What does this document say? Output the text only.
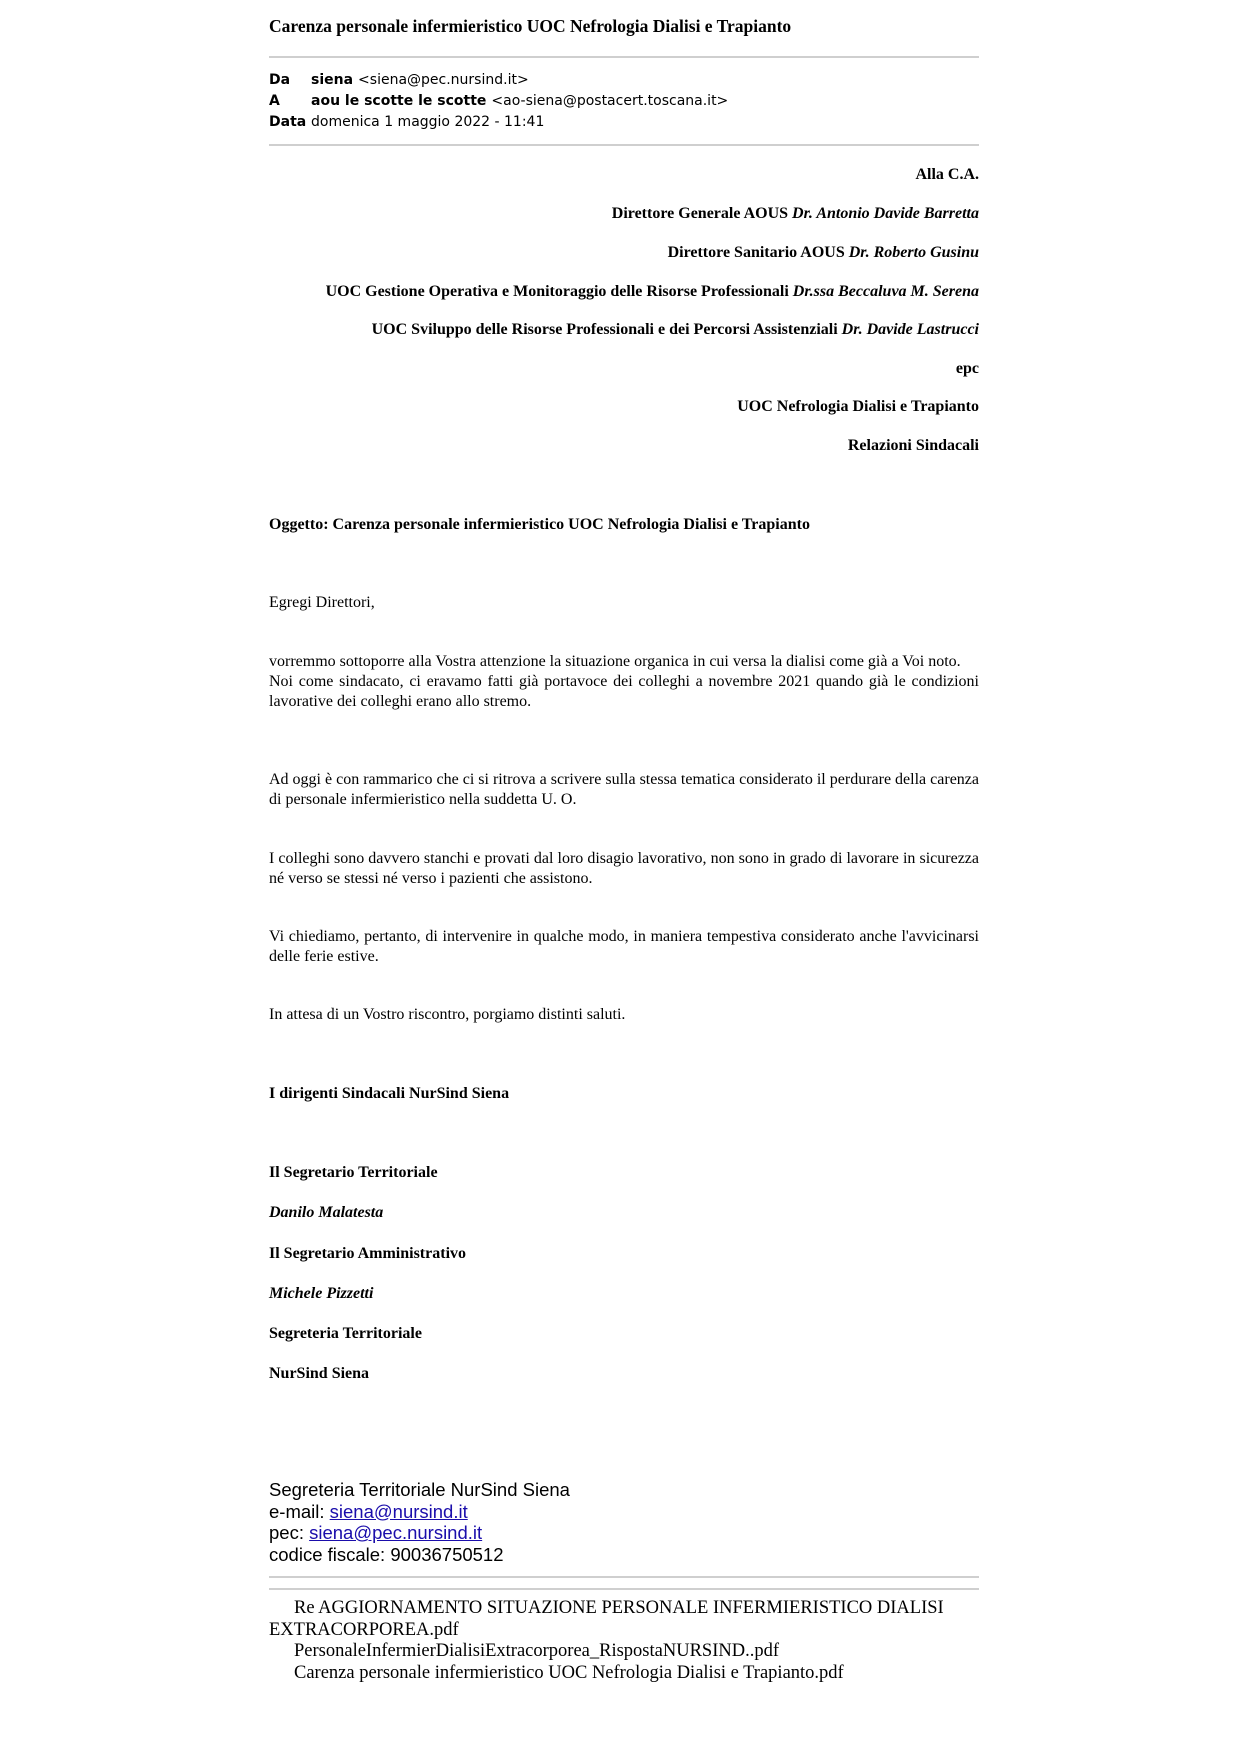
Carenza personale infermieristico UOC Nefrologia Dialisi e Trapianto
Da	siena <siena@pec.nursind.it>
A	aou le scotte le scotte <ao-siena@postacert.toscana.it>
Data domenica 1 maggio 2022 - 11:41
Alla C.A.
Direttore Generale AOUS Dr. Antonio Davide Barretta
Direttore Sanitario AOUS Dr. Roberto Gusinu
UOC Gestione Operativa e Monitoraggio delle Risorse Professionali Dr.ssa Beccaluva M. Serena
UOC Sviluppo delle Risorse Professionali e dei Percorsi Assistenziali Dr. Davide Lastrucci
epc
UOC Nefrologia Dialisi e Trapianto
Relazioni Sindacali
Oggetto: Carenza personale infermieristico UOC Nefrologia Dialisi e Trapianto
Egregi Direttori,
vorremmo sottoporre alla Vostra attenzione la situazione organica in cui versa la dialisi come già a Voi noto.
Noi come sindacato, ci eravamo fatti già portavoce dei colleghi a novembre 2021 quando già le condizioni lavorative dei colleghi erano allo stremo.
Ad oggi è con rammarico che ci si ritrova a scrivere sulla stessa tematica considerato il perdurare della carenza di personale infermieristico nella suddetta U. O.
I colleghi sono davvero stanchi e provati dal loro disagio lavorativo, non sono in grado di lavorare in sicurezza né verso se stessi né verso i pazienti che assistono.
Vi chiediamo, pertanto, di intervenire in qualche modo, in maniera tempestiva considerato anche l'avvicinarsi delle ferie estive.
In attesa di un Vostro riscontro, porgiamo distinti saluti.
I dirigenti Sindacali NurSind Siena
Il Segretario Territoriale
Danilo Malatesta
Il Segretario Amministrativo
Michele Pizzetti
Segreteria Territoriale
NurSind Siena
Segreteria Territoriale NurSind Siena
e-mail: siena@nursind.it
pec: siena@pec.nursind.it
codice fiscale: 90036750512
Re AGGIORNAMENTO SITUAZIONE PERSONALE INFERMIERISTICO DIALISI EXTRACORPOREA.pdf
PersonaleInfermierDialisiExtracorporea_RispostaNURSIND..pdf
Carenza personale infermieristico UOC Nefrologia Dialisi e Trapianto.pdf
